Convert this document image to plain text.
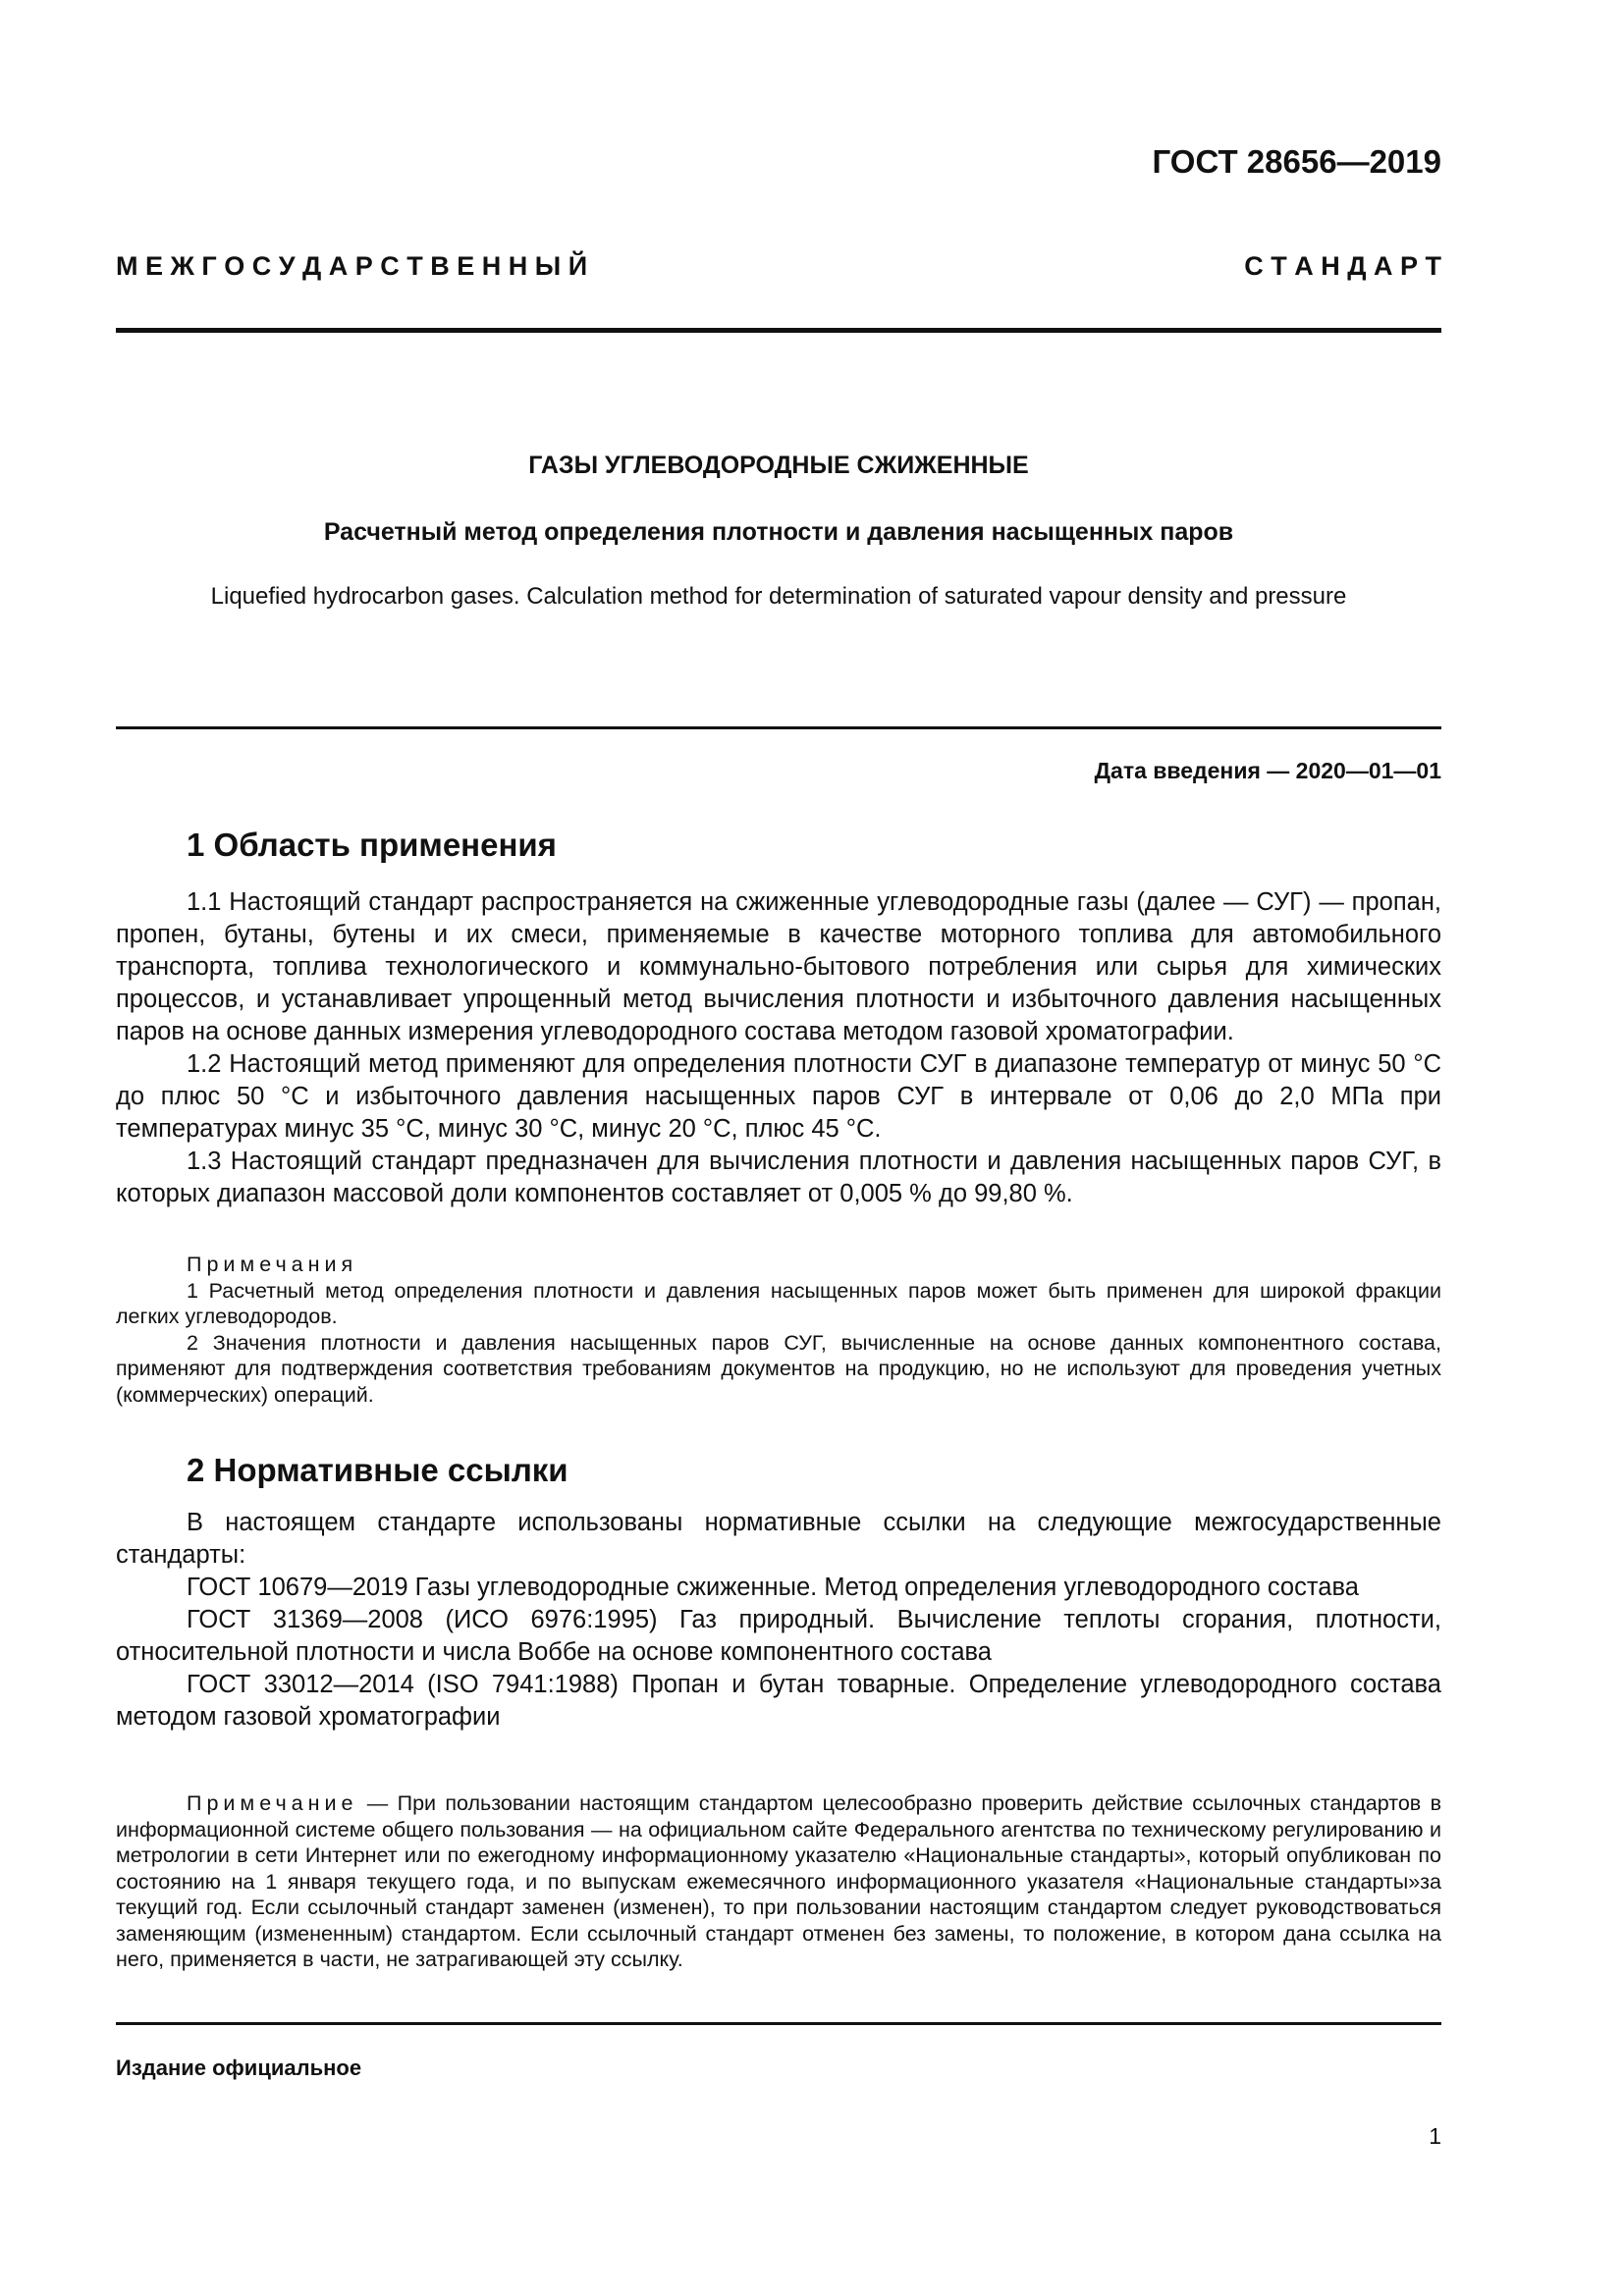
ГОСТ 28656—2019
М Е Ж Г О С У Д А Р С Т В Е Н Н Ы Й	С Т А Н Д А Р Т
ГАЗЫ УГЛЕВОДОРОДНЫЕ СЖИЖЕННЫЕ
Расчетный метод определения плотности и давления насыщенных паров
Liquefied hydrocarbon gases. Calculation method for determination of saturated vapour density and pressure
Дата введения — 2020—01—01
1 Область применения

1.1 Настоящий стандарт распространяется на сжиженные углеводородные газы (далее — СУГ) — пропан, пропен, бутаны, бутены и их смеси, применяемые в качестве моторного топлива для автомобильного транспорта, топлива технологического и коммунально-бытового потребления или сырья для химических процессов, и устанавливает упрощенный метод вычисления плотности и избыточного давления насыщенных паров на основе данных измерения углеводородного состава методом газовой хроматографии.

1.2 Настоящий метод применяют для определения плотности СУГ в диапазоне температур от минус 50 °С до плюс 50 °С и избыточного давления насыщенных паров СУГ в интервале от 0,06 до 2,0 МПа при температурах минус 35 °С, минус 30 °С, минус 20 °С, плюс 45 °С.

1.3 Настоящий стандарт предназначен для вычисления плотности и давления насыщенных паров СУГ, в которых диапазон массовой доли компонентов составляет от 0,005 % до 99,80 %.

Примечания

1 Расчетный метод определения плотности и давления насыщенных паров может быть применен для широкой фракции легких углеводородов.

2 Значения плотности и давления насыщенных паров СУГ, вычисленные на основе данных компонентного состава, применяют для подтверждения соответствия требованиям документов на продукцию, но не используют для проведения учетных (коммерческих) операций.

2 Нормативные ссылки

В настоящем стандарте использованы нормативные ссылки на следующие межгосударственные стандарты:

ГОСТ 10679—2019 Газы углеводородные сжиженные. Метод определения углеводородного состава

ГОСТ 31369—2008 (ИСО 6976:1995) Газ природный. Вычисление теплоты сгорания, плотности, относительной плотности и числа Воббе на основе компонентного состава

ГОСТ 33012—2014 (ISO 7941:1988) Пропан и бутан товарные. Определение углеводородного состава методом газовой хроматографии

Примечание — При пользовании настоящим стандартом целесообразно проверить действие ссылочных стандартов в информационной системе общего пользования — на официальном сайте Федерального агентства по техническому регулированию и метрологии в сети Интернет или по ежегодному информационному указателю «Национальные стандарты», который опубликован по состоянию на 1 января текущего года, и по выпускам ежемесячного информационного указателя «Национальные стандарты»за текущий год. Если ссылочный стандарт заменен (изменен), то при пользовании настоящим стандартом следует руководствоваться заменяющим (измененным) стандартом. Если ссылочный стандарт отменен без замены, то положение, в котором дана ссылка на него, применяется в части, не затрагивающей эту ссылку.

Издание официальное
1
